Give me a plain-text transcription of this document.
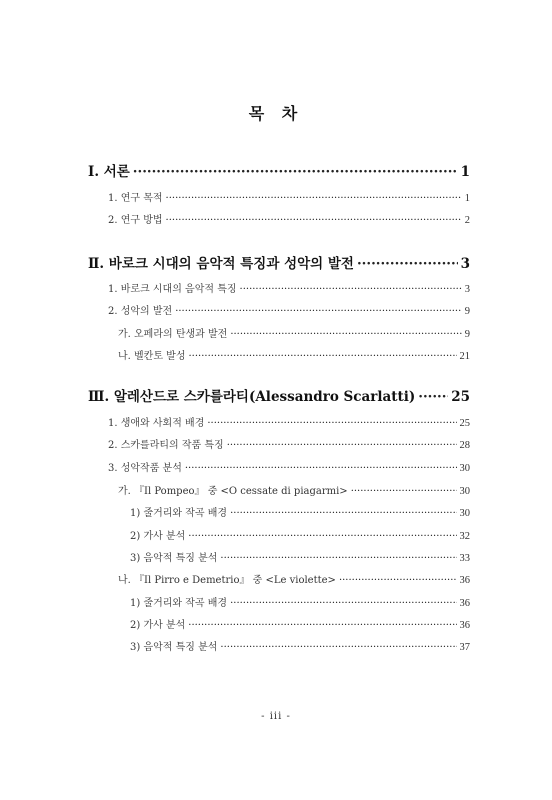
목 차
Ⅰ. 서론 ·····	1
1. 연구 목적 ·····	1
2. 연구 방법 ·····	2
Ⅱ. 바로크 시대의 음악적 특징과 성악의 발전 ·····	3
1. 바로크 시대의 음악적 특징 ·····	3
2. 성악의 발전 ·····	9
가. 오페라의 탄생과 발전 ·····	9
나. 벨칸토 발성 ·····	21
Ⅲ. 알레산드로 스카를라티(Alessandro Scarlatti) ·····	25
1. 생애와 사회적 배경 ·····	25
2. 스카를라티의 작품 특징 ·····	28
3. 성악작품 분석 ·····	30
가. 『Il Pompeo』 중 <O cessate di piagarmi> ·····	30
1) 줄거리와 작곡 배경 ·····	30
2) 가사 분석 ·····	32
3) 음악적 특징 분석 ·····	33
나. 『Il Pirro e Demetrio』 중 <Le violette> ·····	36
1) 줄거리와 작곡 배경 ·····	36
2) 가사 분석 ·····	36
3) 음악적 특징 분석 ·····	37
- iii -
